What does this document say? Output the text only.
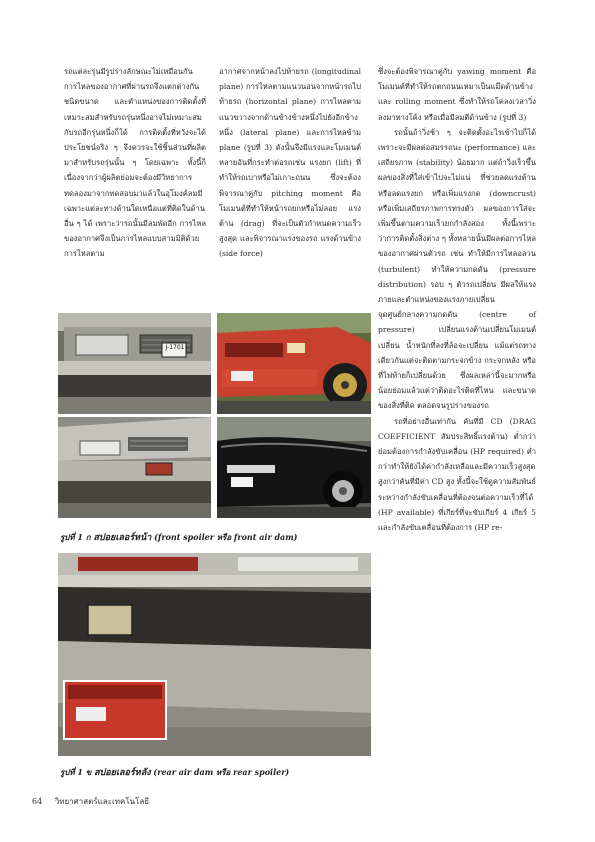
รถแต่ละรุ่นมีรูปร่างลักษณะไม่เหมือนกัน การไหลของอากาศที่ผ่านรถจึงแตกต่างกัน ชนิดขนาด และตำแหน่งของการติดตั้งที่เหมาะสมสำหรับรถรุ่นหนึ่งอาจไม่เหมาะสมกับรถอีกรุ่นหนึ่งก็ได้ การติดตั้งที่หวังจะได้ประโยชน์จริง ๆ จึงควรจะใช้ชิ้นส่วนที่ผลิตมาสำหรับรถรุ่นนั้น ๆ โดยเฉพาะ ทั้งนี้ก็เนื่องจากว่าผู้ผลิตย่อมจะต้องมีวิทยาการทดลองมาจากทดสอบมาแล้วในอุโมงค์ลมมีเฉพาะแต่ละทางด้านใดเหนือแต่ที่ติดในด้านอื่น ๆ ได้ เพราะว่ารถนั้นมีลมพัดอีก การไหลของอากาศจึงเป็นการไหลแบบสามมิติด้วย การไหลตาม

อากาศจากหน้าลงไปท้ายรถ (longitudinal plane) การไหลตามแนวนอนจากหน้ารถไปท้ายรถ (horizontal plane) การไหลตามแนวขวางจากด้านข้างข้างหนึ่งไปยังอีกข้างหนึ่ง (lateral plane) และการไหลข้าม plane (รูปที่ 3) ดังนั้นจึงมีแรงและโมเมนต์หลายอันที่กระทำต่อรถเช่น แรงยก (lift) ที่ทำให้รถเบาหรือไม่เกาะถนน ซึ่งจะต้องพิจารณาคู่กับ pitching moment คือโมเมนต์ที่ทำให้หน้ารถยกหรือไม่ลอย แรงต้าน (drag) ที่จะเป็นตัวกำหนดความเร็วสูงสุด และพิจารณาแรงของรถ แรงด้านข้าง (side force)

ซึ่งจะต้องพิจารณาคู่กับ yawing moment คือโมเมนต์ที่ทำให้รถตกถนนเหมาเป็นแมึดด้านข้าง และ rolling moment ซึ่งทำให้รถโคลงเวลาวิ่งลงมาทางโค้ง หรือเมื่อมีลมตีด้านข้าง (รูปที่ 3)

รถนั้นถ้าวิ่งช้า ๆ จะติดตั้งอะไรเข้าไปก็ได้ เพราะจะมีผลต่อสมรรถนะ (performance) และเสถียรภาพ (stability) น้อยมาก แต่ถ้าวิ่งเร็วขึ้นผลของสิ่งที่ใส่เข้าไปจะไม่แน่ ที่ช่วยลดแรงต้าน หรือลดแรงยก หรือเพิ่มแรงกด (downcrust) หรือเพิ่มเสถียรภาพการทรงตัว ผลของการใส่จะเพิ่มขึ้นตามความเร็วยกกำลังสอง ทั้งนี้เพราะว่าการติดตั้งสิ่งต่าง ๆ ทั้งหลายนั้นมีผลต่อการไหลของอากาศผ่านตัวรถ เช่น ทำให้มีการไหลอลวน (turbulent) ทำให้ความกดดัน (pressure distribution) รอบ ๆ ตัวรถเปลี่ยน มีผลให้แรงภายและตำแหน่งของแรงภายเปลี่ยน จุดศูนย์กลางความกดดัน (centre of pressure) เปลี่ยนแรงต้านเปลี่ยนโมเมนต์เปลี่ยน น้ำหนักที่ลงที่ล้อจะเปลี่ยน แม้แต่รถทางเดียวกันแต่จะติดตามกระจกข้าง กระจกหลัง หรือที่ไฟท้ายก็เปลี่ยนด้วย ซึ่งผลเหล่านี้จะมากหรือน้อยย่อมแล้วแต่ว่าติดอะไรติดที่ไหน และขนาดของสิ่งที่ติด ตลอดจนรูปร่างของรถ

รถที่อย่างอื่นเท่ากัน คันที่มี CD (DRAG COEFFICIENT สัมประสิทธิ์แรงต้าน) ต่ำกว่าย่อมต้องการกำลังขับเคลื่อน (HP required) ต่ำกว่าทำให้ยังได้ค่ากำลังเหลือและมีความเร็วสูงสุดสูงกว่าคันที่มีค่า CD สูง ทั้งนี้จะใช้ดูความสัมพันธ์ระหว่างกำลังขับเคลื่อนที่ต้องจนต่อความเร็วที่ได้ (HP available) ที่เกียร์ที่จะขับเกียร์ 4 เกียร์ 5 และกำลังขับเคลื่อนที่ต้องการ (HP re-

J-1701
รูปที่ 1 ก สปอยเลอร์หน้า (front spoiler หรือ front air dam)
รูปที่ 1 ข สปอยเลอร์หลัง (rear air dam หรือ rear spoiler)
64 วิทยาศาสตร์และเทคโนโลยี
